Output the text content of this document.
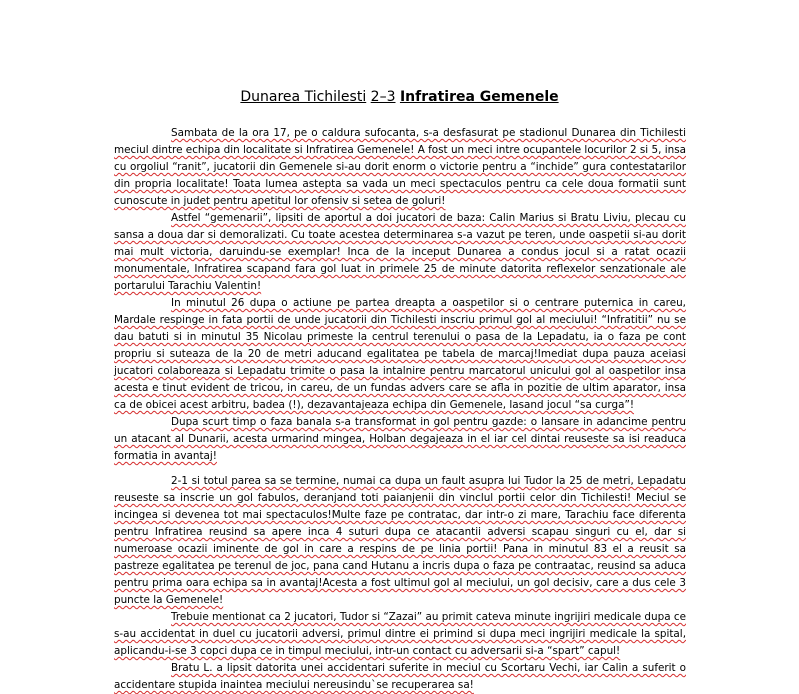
Dunarea Tichilesti 2–3 Infratirea Gemenele

Sambata de la ora 17, pe o caldura sufocanta, s-a desfasurat pe stadionul Dunarea din Tichilesti meciul dintre echipa din localitate si Infratirea Gemenele! A fost un meci intre ocupantele locurilor 2 si 5, insa cu orgoliul “ranit”, jucatorii din Gemenele si-au dorit enorm o victorie pentru a “inchide” gura contestatarilor din propria localitate! Toata lumea astepta sa vada un meci spectaculos pentru ca cele doua formatii sunt cunoscute in judet pentru apetitul lor ofensiv si setea de goluri!

Astfel “gemenarii”, lipsiti de aportul a doi jucatori de baza: Calin Marius si Bratu Liviu, plecau cu sansa a doua dar si demoralizati. Cu toate acestea determinarea s-a vazut pe teren, unde oaspetii si-au dorit mai mult victoria, daruindu-se exemplar! Inca de la inceput Dunarea a condus jocul si a ratat ocazii monumentale, Infratirea scapand fara gol luat in primele 25 de minute datorita reflexelor senzationale ale portarului Tarachiu Valentin!

In minutul 26 dupa o actiune pe partea dreapta a oaspetilor si o centrare puternica in careu, Mardale respinge in fata portii de unde jucatorii din Tichilesti inscriu primul gol al meciului! “Infratitii” nu se dau batuti si in minutul 35 Nicolau primeste la centrul terenului o pasa de la Lepadatu, ia o faza pe cont propriu si suteaza de la 20 de metri aducand egalitatea pe tabela de marcaj!Imediat dupa pauza aceiasi jucatori colaboreaza si Lepadatu trimite o pasa la intalnire pentru marcatorul unicului gol al oaspetilor insa acesta e tinut evident de tricou, in careu, de un fundas advers care se afla in pozitie de ultim aparator, insa ca de obicei acest arbitru, badea (!), dezavantajeaza echipa din Gemenele, lasand jocul “sa curga”!

Dupa scurt timp o faza banala s-a transformat in gol pentru gazde: o lansare in adancime pentru un atacant al Dunarii, acesta urmarind mingea, Holban degajeaza in el iar cel dintai reuseste sa isi readuca formatia in avantaj!

2-1 si totul parea sa se termine, numai ca dupa un fault asupra lui Tudor la 25 de metri, Lepadatu reuseste sa inscrie un gol fabulos, deranjand toti paianjenii din vinclul portii celor din Tichilesti! Meciul se incingea si devenea tot mai spectaculos!Multe faze pe contratac, dar intr-o zi mare, Tarachiu face diferenta pentru Infratirea reusind sa apere inca 4 suturi dupa ce atacantii adversi scapau singuri cu el, dar si numeroase ocazii iminente de gol in care a respins de pe linia portii! Pana in minutul 83 el a reusit sa pastreze egalitatea pe terenul de joc, pana cand Hutanu a incris dupa o faza pe contraatac, reusind sa aduca pentru prima oara echipa sa in avantaj!Acesta a fost ultimul gol al meciului, un gol decisiv, care a dus cele 3 puncte la Gemenele!

Trebuie mentionat ca 2 jucatori, Tudor si “Zazai” au primit cateva minute ingrijiri medicale dupa ce s-au accidentat in duel cu jucatorii adversi, primul dintre ei primind si dupa meci ingrijiri medicale la spital, aplicandu-i-se 3 copci dupa ce in timpul meciului, intr-un contact cu adversarii si-a “spart” capul!

Bratu L. a lipsit datorita unei accidentari suferite in meciul cu Scortaru Vechi, iar Calin a suferit o accidentare stupida inaintea meciului nereusindu`se recuperarea sa!
